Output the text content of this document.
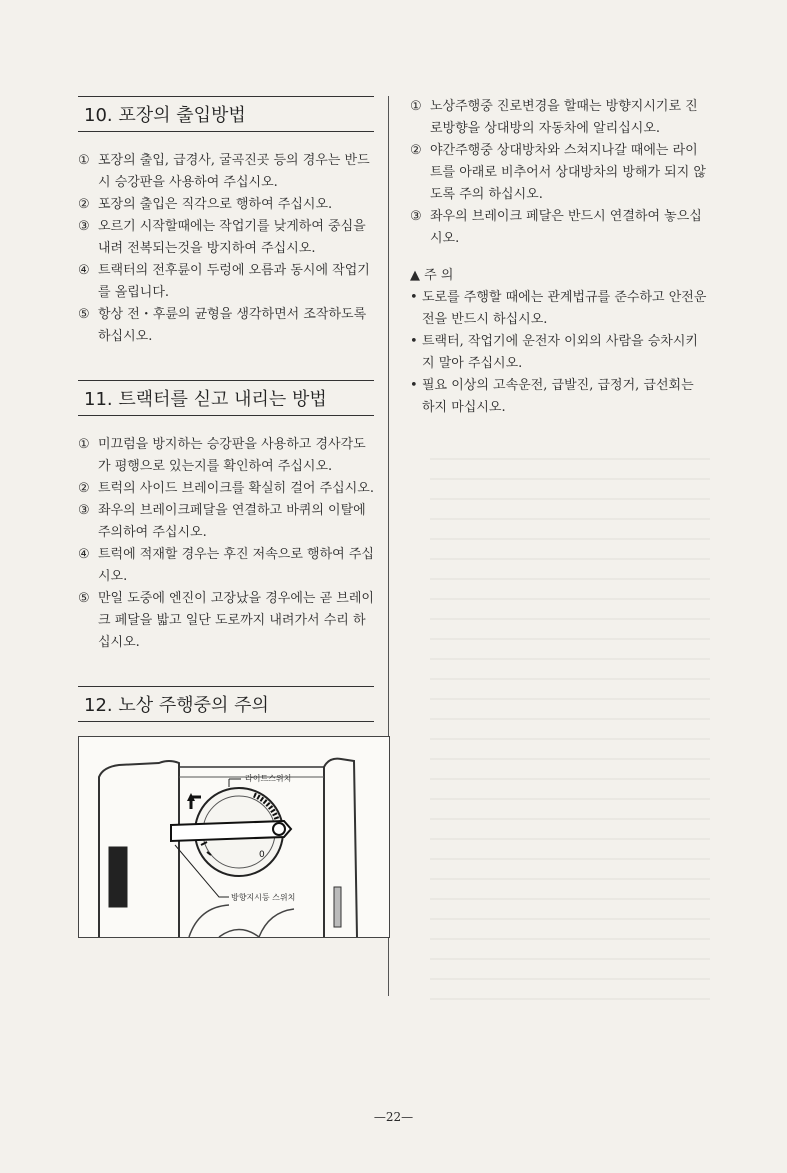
10. 포장의 출입방법
① 포장의 출입, 급경사, 굴곡진곳 등의 경우는 반드시 승강판을 사용하여 주십시오.
② 포장의 출입은 직각으로 행하여 주십시오.
③ 오르기 시작할때에는 작업기를 낮게하여 중심을 내려 전복되는것을 방지하여 주십시오.
④ 트랙터의 전후륜이 두렁에 오름과 동시에 작업기를 올립니다.
⑤ 항상 전・후륜의 균형을 생각하면서 조작하도록 하십시오.
11. 트랙터를 싣고 내리는 방법
① 미끄럼을 방지하는 승강판을 사용하고 경사각도가 평행으로 있는지를 확인하여 주십시오.
② 트럭의 사이드 브레이크를 확실히 걸어 주십시오.
③ 좌우의 브레이크페달을 연결하고 바퀴의 이탈에 주의하여 주십시오.
④ 트럭에 적재할 경우는 후진 저속으로 행하여 주십시오.
⑤ 만일 도중에 엔진이 고장났을 경우에는 곧 브레이크 페달을 밟고 일단 도로까지 내려가서 수리 하십시오.
12. 노상 주행중의 주의
0
라이트스위치
방향지시등 스위치
① 노상주행중 진로변경을 할때는 방향지시기로 진로방향을 상대방의 자동차에 알리십시오.
② 야간주행중 상대방차와 스쳐지나갈 때에는 라이트를 아래로 비추어서 상대방차의 방해가 되지 않도록 주의 하십시오.
③ 좌우의 브레이크 페달은 반드시 연결하여 놓으십시오.
▲ 주 의
• 도로를 주행할 때에는 관계법규를 준수하고 안전운전을 반드시 하십시오.
• 트랙터, 작업기에 운전자 이외의 사람을 승차시키지 말아 주십시오.
• 필요 이상의 고속운전, 급발진, 급정거, 급선회는 하지 마십시오.
—22—
